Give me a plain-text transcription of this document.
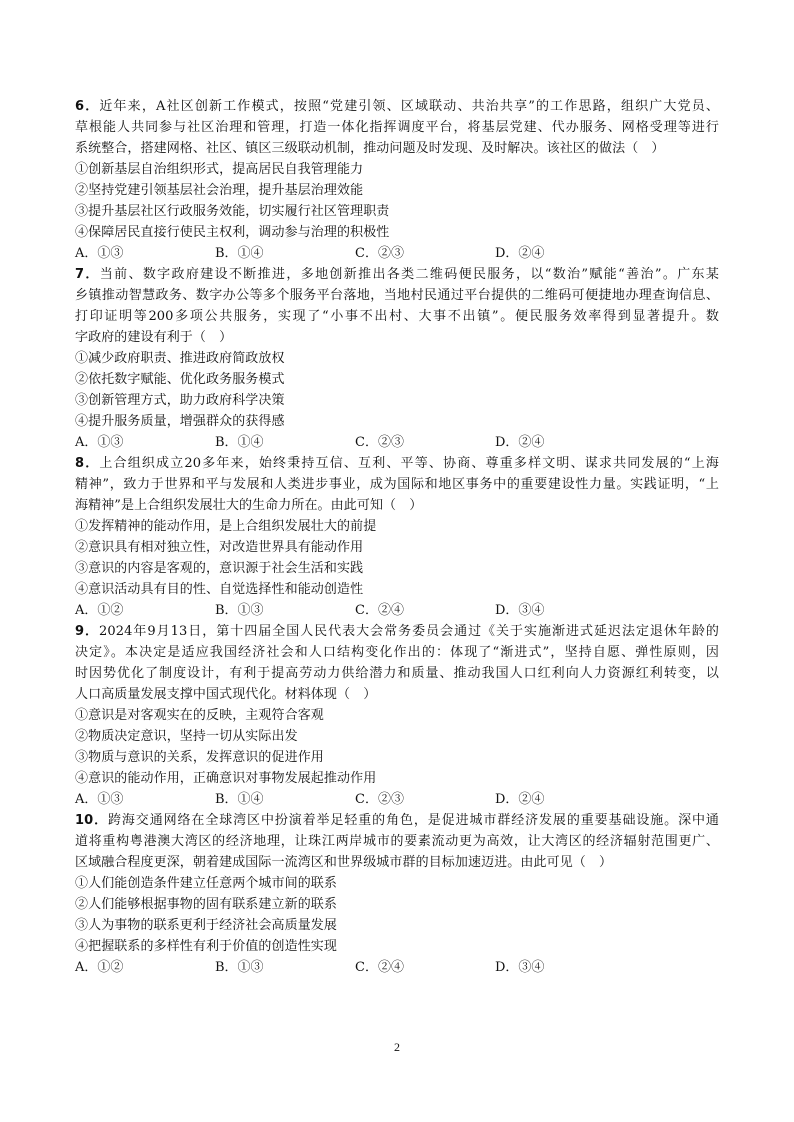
6．近年来，A社区创新工作模式，按照“党建引领、区域联动、共治共享”的工作思路，组织广大党员、
草根能人共同参与社区治理和管理，打造一体化指挥调度平台，将基层党建、代办服务、网格受理等进行
系统整合，搭建网格、社区、镇区三级联动机制，推动问题及时发现、及时解决。该社区的做法（　）
①创新基层自治组织形式，提高居民自我管理能力
②坚持党建引领基层社会治理，提升基层治理效能
③提升基层社区行政服务效能，切实履行社区管理职责
④保障居民直接行使民主权利，调动参与治理的积极性
A．①③	B．①④	C．②③	D．②④
7．当前、数字政府建设不断推进，多地创新推出各类二维码便民服务，以“数治”赋能“善治”。广东某
乡镇推动智慧政务、数字办公等多个服务平台落地，当地村民通过平台提供的二维码可便捷地办理查询信息、
打印证明等200多项公共服务，实现了“小事不出村、大事不出镇”。便民服务效率得到显著提升。数
字政府的建设有利于（　）
①减少政府职责、推进政府简政放权
②依托数字赋能、优化政务服务模式
③创新管理方式，助力政府科学决策
④提升服务质量，增强群众的获得感
A．①③	B．①④	C．②③	D．②④
8．上合组织成立20多年来，始终秉持互信、互利、平等、协商、尊重多样文明、谋求共同发展的“上海
精神”，致力于世界和平与发展和人类进步事业，成为国际和地区事务中的重要建设性力量。实践证明，“上
海精神”是上合组织发展壮大的生命力所在。由此可知（　）
①发挥精神的能动作用，是上合组织发展壮大的前提
②意识具有相对独立性，对改造世界具有能动作用
③意识的内容是客观的，意识源于社会生活和实践
④意识活动具有目的性、自觉选择性和能动创造性
A．①②	B．①③	C．②④	D．③④
9．2024年9月13日，第十四届全国人民代表大会常务委员会通过《关于实施渐进式延迟法定退休年龄的
决定》。本决定是适应我国经济社会和人口结构变化作出的：体现了“渐进式”，坚持自愿、弹性原则，因
时因势优化了制度设计，有利于提高劳动力供给潜力和质量、推动我国人口红利向人力资源红利转变，以
人口高质量发展支撑中国式现代化。材料体现（　）
①意识是对客观实在的反映，主观符合客观
②物质决定意识，坚持一切从实际出发
③物质与意识的关系，发挥意识的促进作用
④意识的能动作用，正确意识对事物发展起推动作用
A．①③	B．①④	C．②③	D．②④
10．跨海交通网络在全球湾区中扮演着举足轻重的角色，是促进城市群经济发展的重要基础设施。深中通
道将重构粤港澳大湾区的经济地理，让珠江两岸城市的要素流动更为高效，让大湾区的经济辐射范围更广、
区域融合程度更深，朝着建成国际一流湾区和世界级城市群的目标加速迈进。由此可见（　）
①人们能创造条件建立任意两个城市间的联系
②人们能够根据事物的固有联系建立新的联系
③人为事物的联系更利于经济社会高质量发展
④把握联系的多样性有利于价值的创造性实现
A．①②	B．①③	C．②④	D．③④
2
